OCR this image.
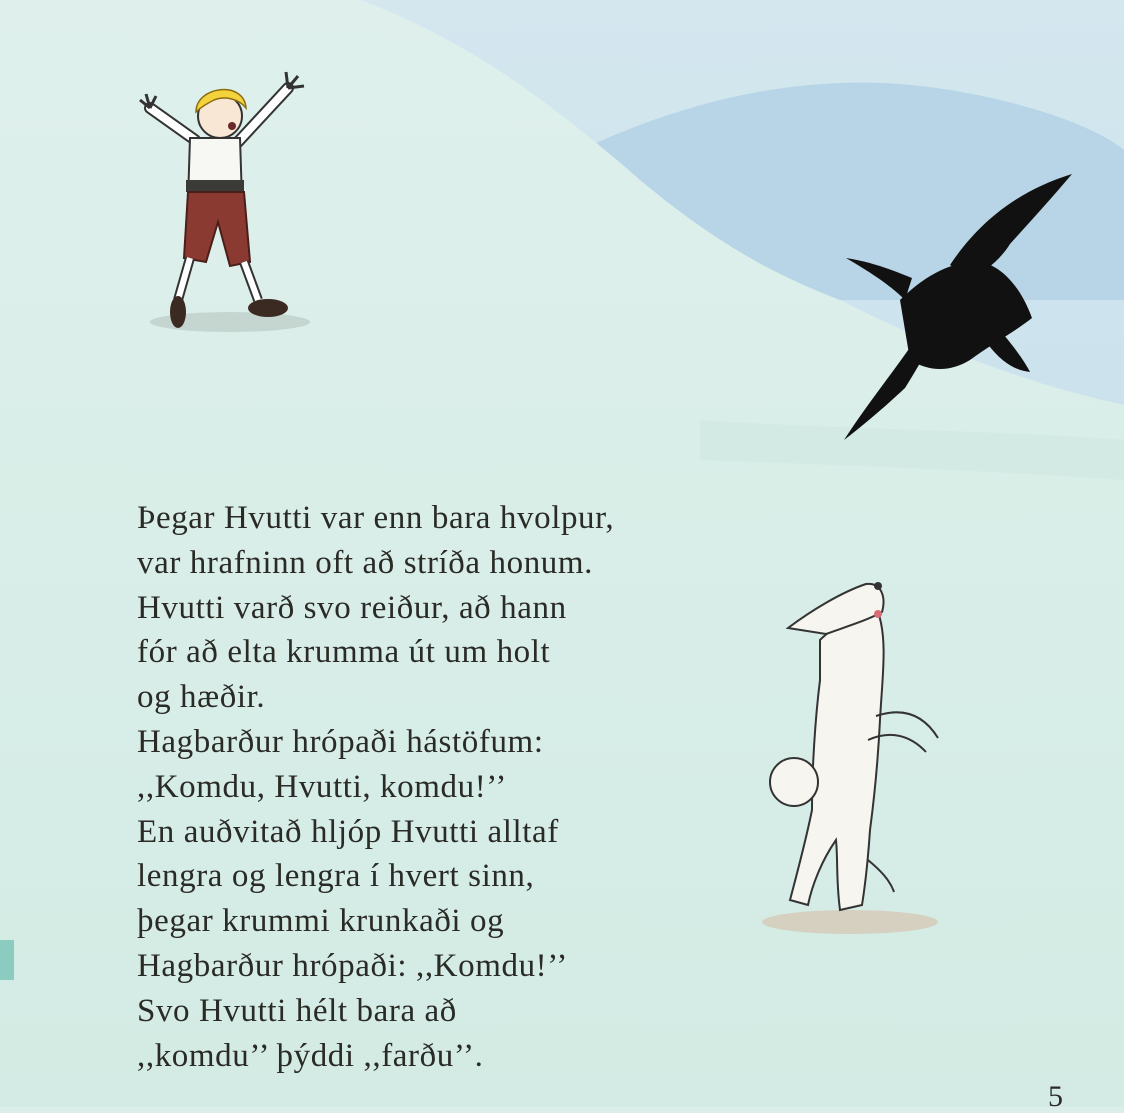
Þegar Hvutti var enn bara hvolpur,
var hrafninn oft að stríða honum.
Hvutti varð svo reiður, að hann
fór að elta krumma út um holt
og hæðir.
Hagbarður hrópaði hástöfum:
,,Komdu, Hvutti, komdu!’’
En auðvitað hljóp Hvutti alltaf
lengra og lengra í hvert sinn,
þegar krummi krunkaði og
Hagbarður hrópaði: ,,Komdu!’’
Svo Hvutti hélt bara að
,,komdu’’ þýddi ,,farðu’’.

5
